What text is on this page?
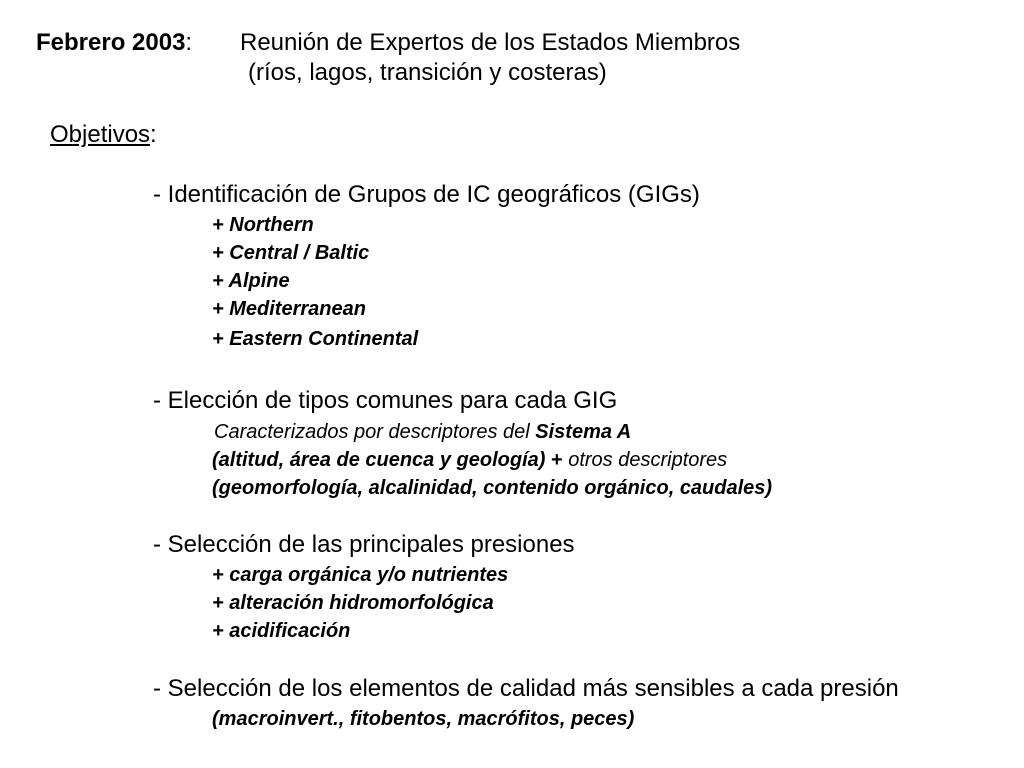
Febrero 2003: Reunión de Expertos de los Estados Miembros
(ríos, lagos, transición y costeras)
Objetivos:
- Identificación de Grupos de IC geográficos (GIGs)
+ Northern
+ Central / Baltic
+ Alpine
+ Mediterranean
+ Eastern Continental
- Elección de tipos comunes para cada GIG
Caracterizados por descriptores del Sistema A
(altitud, área de cuenca y geología) + otros descriptores
(geomorfología, alcalinidad, contenido orgánico, caudales)
- Selección de las principales presiones
+ carga orgánica y/o nutrientes
+ alteración hidromorfológica
+ acidificación
- Selección de los elementos de calidad más sensibles a cada presión
(macroinvert., fitobentos, macrófitos, peces)
